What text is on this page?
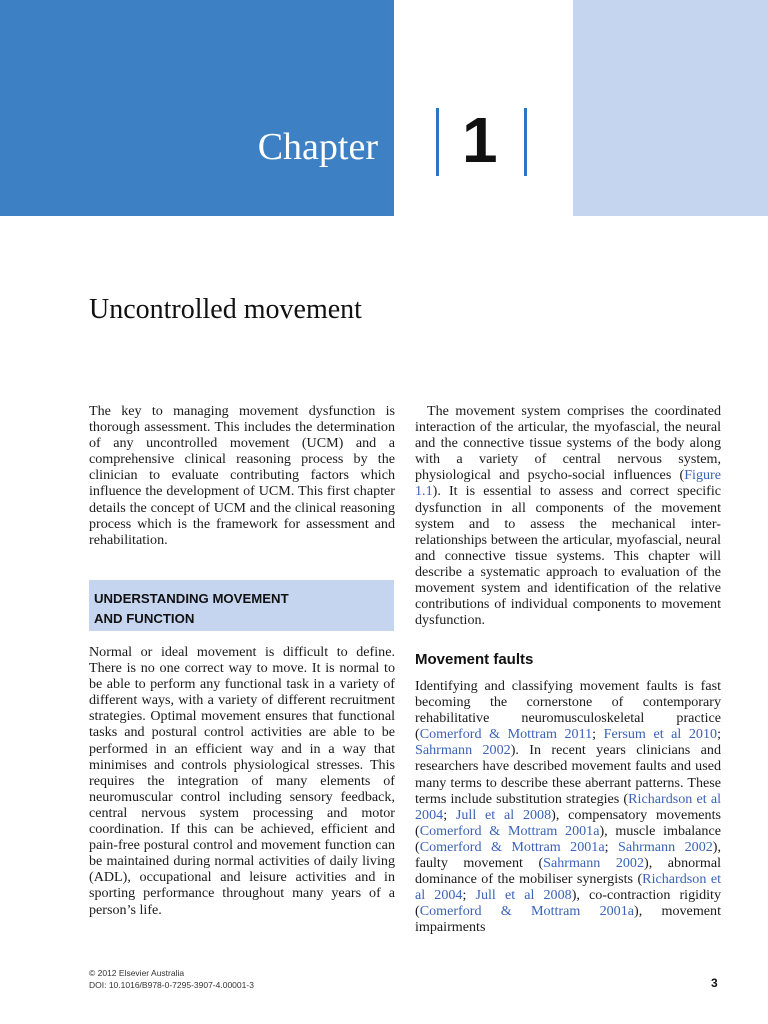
Chapter 1
Uncontrolled movement

The key to managing movement dysfunction is thorough assessment. This includes the determination of any uncontrolled movement (UCM) and a comprehensive clinical reasoning process by the clinician to evaluate contributing factors which influence the development of UCM. This first chapter details the concept of UCM and the clinical reasoning process which is the framework for assessment and rehabilitation.

UNDERSTANDING MOVEMENT
AND FUNCTION

Normal or ideal movement is difficult to define. There is no one correct way to move. It is normal to be able to perform any functional task in a variety of different ways, with a variety of different recruitment strategies. Optimal movement ensures that functional tasks and postural control activities are able to be performed in an efficient way and in a way that minimises and controls physiological stresses. This requires the integration of many elements of neuromuscular control including sensory feedback, central nervous system processing and motor coordination. If this can be achieved, efficient and pain-free postural control and movement function can be maintained during normal activities of daily living (ADL), occupational and leisure activities and in sporting performance throughout many years of a person’s life.

The movement system comprises the coordinated interaction of the articular, the myofascial, the neural and the connective tissue systems of the body along with a variety of central nervous system, physiological and psycho-social influences (Figure 1.1). It is essential to assess and correct specific dysfunction in all components of the movement system and to assess the mechanical inter-relationships between the articular, myofascial, neural and connective tissue systems. This chapter will describe a systematic approach to evaluation of the movement system and identification of the relative contributions of individual components to movement dysfunction.

Movement faults

Identifying and classifying movement faults is fast becoming the cornerstone of contemporary rehabilitative neuromusculoskeletal practice (Comerford & Mottram 2011; Fersum et al 2010; Sahrmann 2002). In recent years clinicians and researchers have described movement faults and used many terms to describe these aberrant patterns. These terms include substitution strategies (Richardson et al 2004; Jull et al 2008), compensatory movements (Comerford & Mottram 2001a), muscle imbalance (Comerford & Mottram 2001a; Sahrmann 2002), faulty movement (Sahrmann 2002), abnormal dominance of the mobiliser synergists (Richardson et al 2004; Jull et al 2008), co-contraction rigidity (Comerford & Mottram 2001a), movement impairments

© 2012 Elsevier Australia
DOI: 10.1016/B978-0-7295-3907-4.00001-3	3
